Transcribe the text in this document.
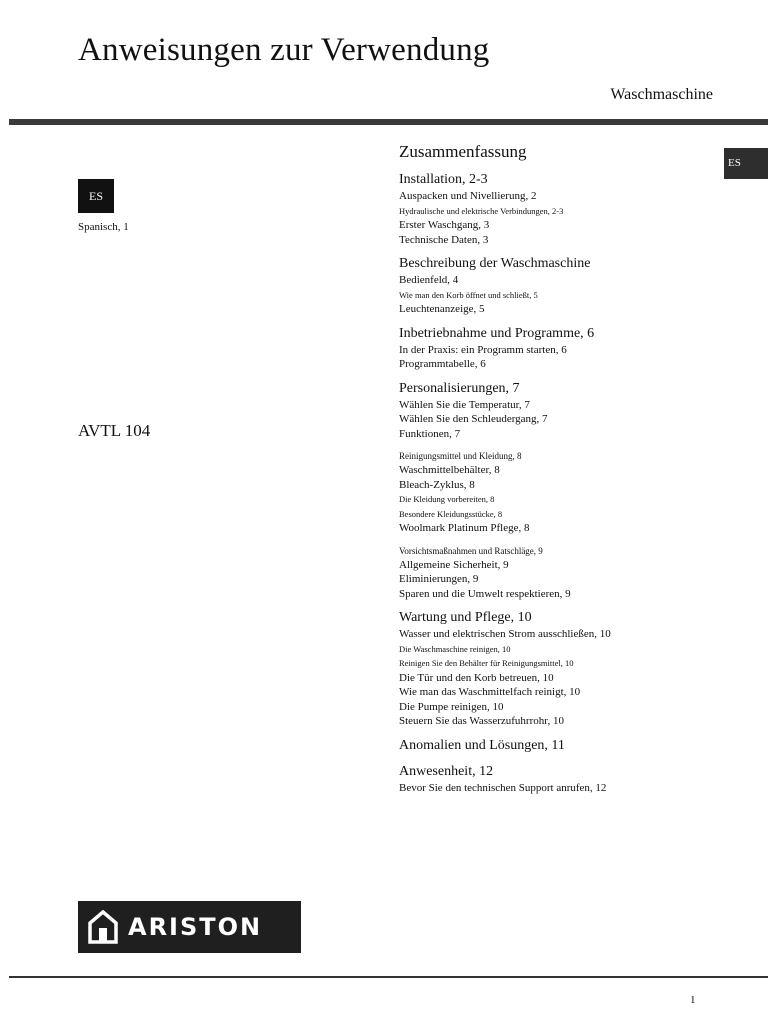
Anweisungen zur Verwendung
Waschmaschine
ES
Spanisch, 1
ES
AVTL 104
Zusammenfassung
Installation, 2-3
Auspacken und Nivellierung, 2
Hydraulische und elektrische Verbindungen, 2-3
Erster Waschgang, 3
Technische Daten, 3
Beschreibung der Waschmaschine
Bedienfeld, 4
Wie man den Korb öffnet und schließt, 5
Leuchtenanzeige, 5
Inbetriebnahme und Programme, 6
In der Praxis: ein Programm starten, 6
Programmtabelle, 6
Personalisierungen, 7
Wählen Sie die Temperatur, 7
Wählen Sie den Schleudergang, 7
Funktionen, 7
Reinigungsmittel und Kleidung, 8
Waschmittelbehälter, 8
Bleach-Zyklus, 8
Die Kleidung vorbereiten, 8
Besondere Kleidungsstücke, 8
Woolmark Platinum Pflege, 8
Vorsichtsmaßnahmen und Ratschläge, 9
Allgemeine Sicherheit, 9
Eliminierungen, 9
Sparen und die Umwelt respektieren, 9
Wartung und Pflege, 10
Wasser und elektrischen Strom ausschließen, 10
Die Waschmaschine reinigen, 10
Reinigen Sie den Behälter für Reinigungsmittel, 10
Die Tür und den Korb betreuen, 10
Wie man das Waschmittelfach reinigt, 10
Die Pumpe reinigen, 10
Steuern Sie das Wasserzufuhrrohr, 10
Anomalien und Lösungen, 11
Anwesenheit, 12
Bevor Sie den technischen Support anrufen, 12
ARISTON
1
